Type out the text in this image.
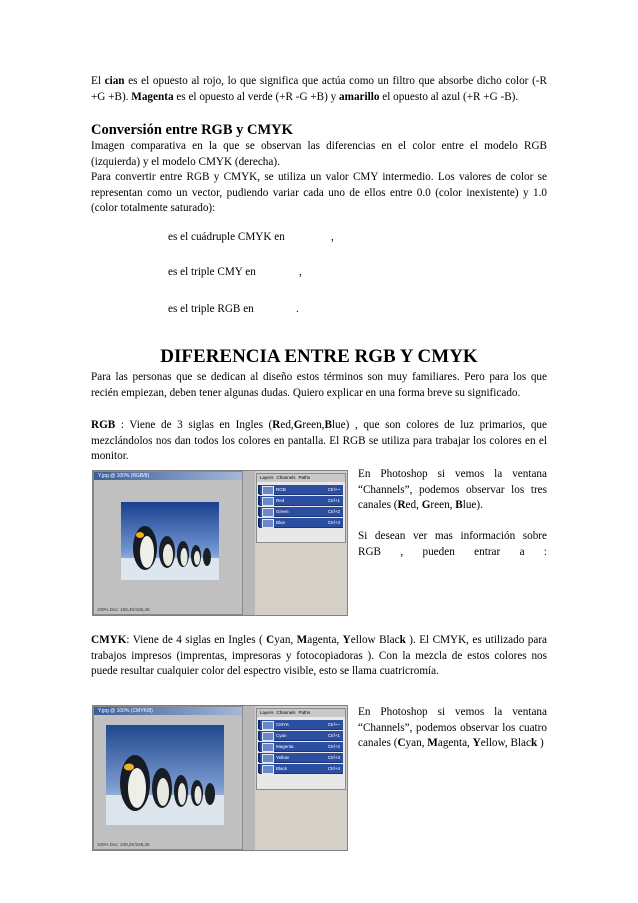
El cian es el opuesto al rojo, lo que significa que actúa como un filtro que absorbe dicho color (-R +G +B). Magenta es el opuesto al verde (+R -G +B) y amarillo el opuesto al azul (+R +G -B).
Conversión entre RGB y CMYK
Imagen comparativa en la que se observan las diferencias en el color entre el modelo RGB (izquierda) y el modelo CMYK (derecha).
Para convertir entre RGB y CMYK, se utiliza un valor CMY intermedio. Los valores de color se representan como un vector, pudiendo variar cada uno de ellos entre 0.0 (color inexistente) y 1.0 (color totalmente saturado):
es el cuádruple CMYK en	,
es el triple CMY en	,
es el triple RGB en	.
DIFERENCIA ENTRE RGB Y CMYK
Para las personas que se dedican al diseño estos términos son muy familiares. Pero para los que recién empiezan, deben tener algunas dudas. Quiero explicar en una forma breve su significado.
RGB : Viene de 3 siglas en Ingles (Red,Green,Blue) , que son colores de luz primarios, que mezclándolos nos dan todos los colores en pantalla. El RGB se utiliza para trabajar los colores en el monitor.
Y.jpg @ 100% (RGB/8)
100% Doc: 165,4K/165,4K
Layers Channels Paths
RGB	Ctrl+~
Red	Ctrl+1
Green	Ctrl+2
Blue	Ctrl+3
En Photoshop si vemos la ventana “Channels”, podemos observar los tres canales (Red, Green, Blue).
Si desean ver mas información sobre RGB , pueden entrar a :
CMYK: Viene de 4 siglas en Ingles ( Cyan, Magenta, Yellow Black ). El CMYK, es utilizado para trabajos impresos (imprentas, impresoras y fotocopiadoras ). Con la mezcla de estos colores nos puede resultar cualquier color del espectro visible, esto se llama cuatricromía.
Y.jpg @ 100% (CMYK/8)
100% Doc: 248,2K/248,2K
Layers Channels Paths
CMYK	Ctrl+~
Cyan	Ctrl+1
Magenta	Ctrl+2
Yellow	Ctrl+3
Black	Ctrl+4
En Photoshop si vemos la ventana “Channels”, podemos observar los cuatro canales (Cyan, Magenta, Yellow, Black )
